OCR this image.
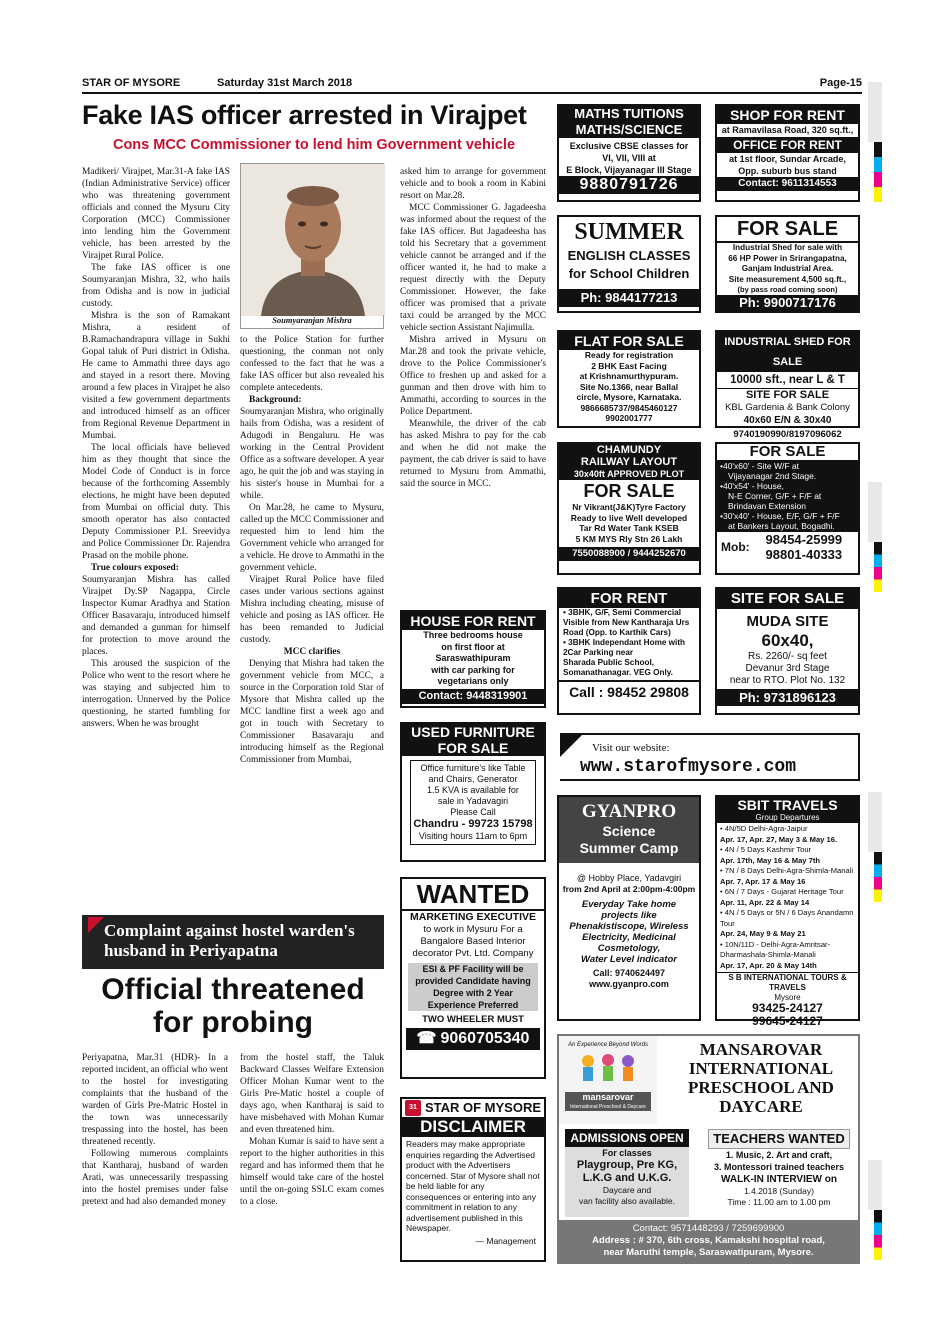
STAR OF MYSORE	Saturday 31st March 2018	Page-15
Fake IAS officer arrested in Virajpet
Cons MCC Commissioner to lend him Government vehicle

Madikeri/ Virajpet, Mar.31-A fake IAS (Indian Administrative Service) officer who was threatening government officials and conned the Mysuru City Corporation (MCC) Commissioner into lending him the Government vehicle, has been arrested by the Virajpet Rural Police.

The fake IAS officer is one Soumyaranjan Mishra, 32, who hails from Odisha and is now in judicial custody.

Mishra is the son of Ramakant Mishra, a resident of B.Ramachandrapura village in Sukhi Gopal taluk of Puri district in Odisha. He came to Ammathi three days ago and stayed in a resort there. Moving around a few places in Virajpet he also visited a few government departments and introduced himself as an officer from Regional Revenue Department in Mumbai.

The local officials have believed him as they thought that since the Model Code of Conduct is in force because of the forthcoming Assembly elections, he might have been deputed from Mumbai on official duty. This smooth operator has also contacted Deputy Commissioner P.I. Sreevidya and Police Commissioner Dr. Rajendra Prasad on the mobile phone.

True colours exposed:

Soumyaranjan Mishra has called Virajpet Dy.SP Nagappa, Circle Inspector Kumar Aradhya and Station Officer Basavaraju, introduced himself and demanded a gunman for himself for protection to move around the places.

This aroused the suspicion of the Police who went to the resort where he was staying and subjected him to interrogation. Unnerved by the Police questioning, he started fumbling for answers. When he was brought

Soumyaranjan Mishra

to the Police Station for further questioning, the conman not only confessed to the fact that he was a fake IAS officer but also revealed his complete antecedents.

Background:

Soumyaranjan Mishra, who originally hails from Odisha, was a resident of Adugodi in Bengaluru. He was working in the Central Provident Office as a software developer. A year ago, he quit the job and was staying in his sister's house in Mumbai for a while.

On Mar.28, he came to Mysuru, called up the MCC Commissioner and requested him to lend him the Government vehicle who arranged for a vehicle. He drove to Ammathi in the government vehicle.

Virajpet Rural Police have filed cases under various sections against Mishra including cheating, misuse of vehicle and posing as IAS officer. He has been remanded to Judicial custody.

MCC clarifies

Denying that Mishra had taken the government vehicle from MCC, a source in the Corporation told Star of Mysore that Mishra called up the MCC landline first a week ago and got in touch with Secretary to Commissioner Basavaraju and introducing himself as the Regional Commissioner from Mumbai,

asked him to arrange for government vehicle and to book a room in Kabini resort on Mar.28.

MCC Commissioner G. Jagadeesha was informed about the request of the fake IAS officer. But Jagadeesha has told his Secretary that a government vehicle cannot be arranged and if the officer wanted it, he had to make a request directly with the Deputy Commissioner. However, the fake officer was promised that a private taxi could be arranged by the MCC vehicle section Assistant Najimulla.

Mishra arrived in Mysuru on Mar.28 and took the private vehicle, drove to the Police Commissioner's Office to freshen up and asked for a gunman and then drove with him to Ammathi, according to sources in the Police Department.

Meanwhile, the driver of the cab has asked Mishra to pay for the cab and when he did not make the payment, the cab driver is said to have returned to Mysuru from Ammathi, said the source in MCC.

Complaint against hostel warden's husband in Periyapatna
Official threatened for probing

Periyapatna, Mar.31 (HDR)- In a reported incident, an official who went to the hostel for investigating complaints that the husband of the warden of Girls Pre-Matric Hostel in the town was unnecessarily trespassing into the hostel, has been threatened recently.

Following numerous complaints that Kantharaj, husband of warden Arati, was unnecessarily trespassing into the hostel premises under false pretext and had also demanded money

from the hostel staff, the Taluk Backward Classes Welfare Extension Officer Mohan Kumar went to the Girls Pre-Matic hostel a couple of days ago, when Kantharaj is said to have misbehaved with Mohan Kumar and even threatened him.

Mohan Kumar is said to have sent a report to the higher authorities in this regard and has informed them that he himself would take care of the hostel until the on-going SSLC exam comes to a close.

MATHS TUITIONS
MATHS/SCIENCE
Exclusive CBSE classes for
VI, VII, VIII at
E Block, Vijayanagar III Stage
9880791726
SUMMER
ENGLISH CLASSES
for School Children
Ph: 9844177213
FLAT FOR SALE
Ready for registration
2 BHK East Facing
at Krishnamurthypuram.
Site No.1366, near Ballal
circle, Mysore, Karnataka.
9866685737/9845460127
9902001777
CHAMUNDY
RAILWAY LAYOUT
30x40ft APPROVED PLOT
FOR SALE
Nr Vikrant(J&K)Tyre Factory
Ready to live Well developed
Tar Rd Water Tank KSEB
5 KM MYS Rly Stn 26 Lakh
7550088900 / 9444252670
FOR RENT
• 3BHK, G/F, Semi Commercial
Visible from New Kantharaja Urs
Road (Opp. to Karthik Cars)
• 3BHK Independant Home with
2Car Parking near
Sharada Public School,
Somanathanagar. VEG Only.
Call : 98452 29808
Visit our website:
www.starofmysore.com
GYANPRO
Science
Summer Camp
@ Hobby Place, Yadavgiri
from 2nd April at 2:00pm-4:00pm
Everyday Take home
projects like
Phenakistiscope, Wireless
Electricity, Medicinal
Cosmetology,
Water Level indicator
Call: 9740624497
www.gyanpro.com
SHOP FOR RENT
at Ramavilasa Road, 320 sq.ft.,
OFFICE FOR RENT
at 1st floor, Sundar Arcade,
Opp. suburb bus stand
Contact: 9611314553
FOR SALE
Industrial Shed for sale with
66 HP Power in Srirangapatna,
Ganjam Industrial Area.
Site measurement 4,500 sq.ft.,
(by pass road coming soon)
Ph: 9900717176
INDUSTRIAL SHED FOR SALE
10000 sft., near L & T
SITE FOR SALE
KBL Gardenia & Bank Colony
40x60 E/N & 30x40
9740190990/8197096062
FOR SALE
•40'x60' - Site W/F at
Vijayanagar 2nd Stage.
•40'x54' - House,
N-E Corner, G/F + F/F at
Brindavan Extension
•30'x40' - House, E/F, G/F + F/F
at Bankers Layout, Bogadhi.
Mob:	98454-25999
98801-40333
SITE FOR SALE
MUDA SITE
60x40,
Rs. 2260/- sq feet
Devanur 3rd Stage
near to RTO. Plot No. 132
Ph: 9731896123
SBIT TRAVELS
Group Departures
• 4N/5D Delhi-Agra-Jaipur
Apr. 17, Apr. 27, May 3 & May 16.
• 4N / 5 Days Kashmir Tour
Apr. 17th, May 16 & May 7th
• 7N / 8 Days Delhi-Agra-Shimla-Manali
Apr. 7, Apr. 17 & May 16
• 6N / 7 Days - Gujarat Heritage Tour
Apr. 11, Apr. 22 & May 14
• 4N / 5 Days or 5N / 6 Days Anandamn Tour
Apr. 24, May 9 & May 21
• 10N/11D - Delhi-Agra-Amritsar-
Dharmashala-Shimla-Manali
Apr. 17, Apr. 20 & May 14th
S B INTERNATIONAL TOURS & TRAVELS
Mysore
93425-24127
99645-24127
HOUSE FOR RENT
Three bedrooms house
on first floor at
Saraswathipuram
with car parking for
vegetarians only
Contact: 9448319901
USED FURNITURE
FOR SALE
Office furniture's like Table
and Chairs, Generator
1.5 KVA is available for
sale in Yadavagiri
Please Call
Chandru - 99723 15798
Visiting hours 11am to 6pm
WANTED
MARKETING EXECUTIVE
to work in Mysuru For a
Bangalore Based Interior
decorator Pvt. Ltd. Company
ESI & PF Facility will be
provided Candidate having
Degree with 2 Year
Experience Preferred
TWO WHEELER MUST
☎ 9060705340
31 STAR OF MYSORE
DISCLAIMER
Readers may make appropriate enquiries regarding the Advertised product with the Advertisers concerned. Star of Mysore shall not be held liable for any consequences or entering into any commitment in relation to any advertisement published in this Newspaper.
— Management
An Experience Beyond Words
mansarovar
International Preschool & Daycare
MANSAROVAR
INTERNATIONAL
PRESCHOOL AND
DAYCARE
ADMISSIONS OPEN
For classes
Playgroup, Pre KG,
L.K.G and U.K.G.
Daycare and
van facility also available.
TEACHERS WANTED
1. Music, 2. Art and craft,
3. Montessori trained teachers
WALK-IN INTERVIEW on
1.4.2018 (Sunday)
Time : 11.00 am to 1.00 pm
Contact: 9571448293 / 7259699900
Address : # 370, 6th cross, Kamakshi hospital road,
near Maruthi temple, Saraswatipuram, Mysore.
